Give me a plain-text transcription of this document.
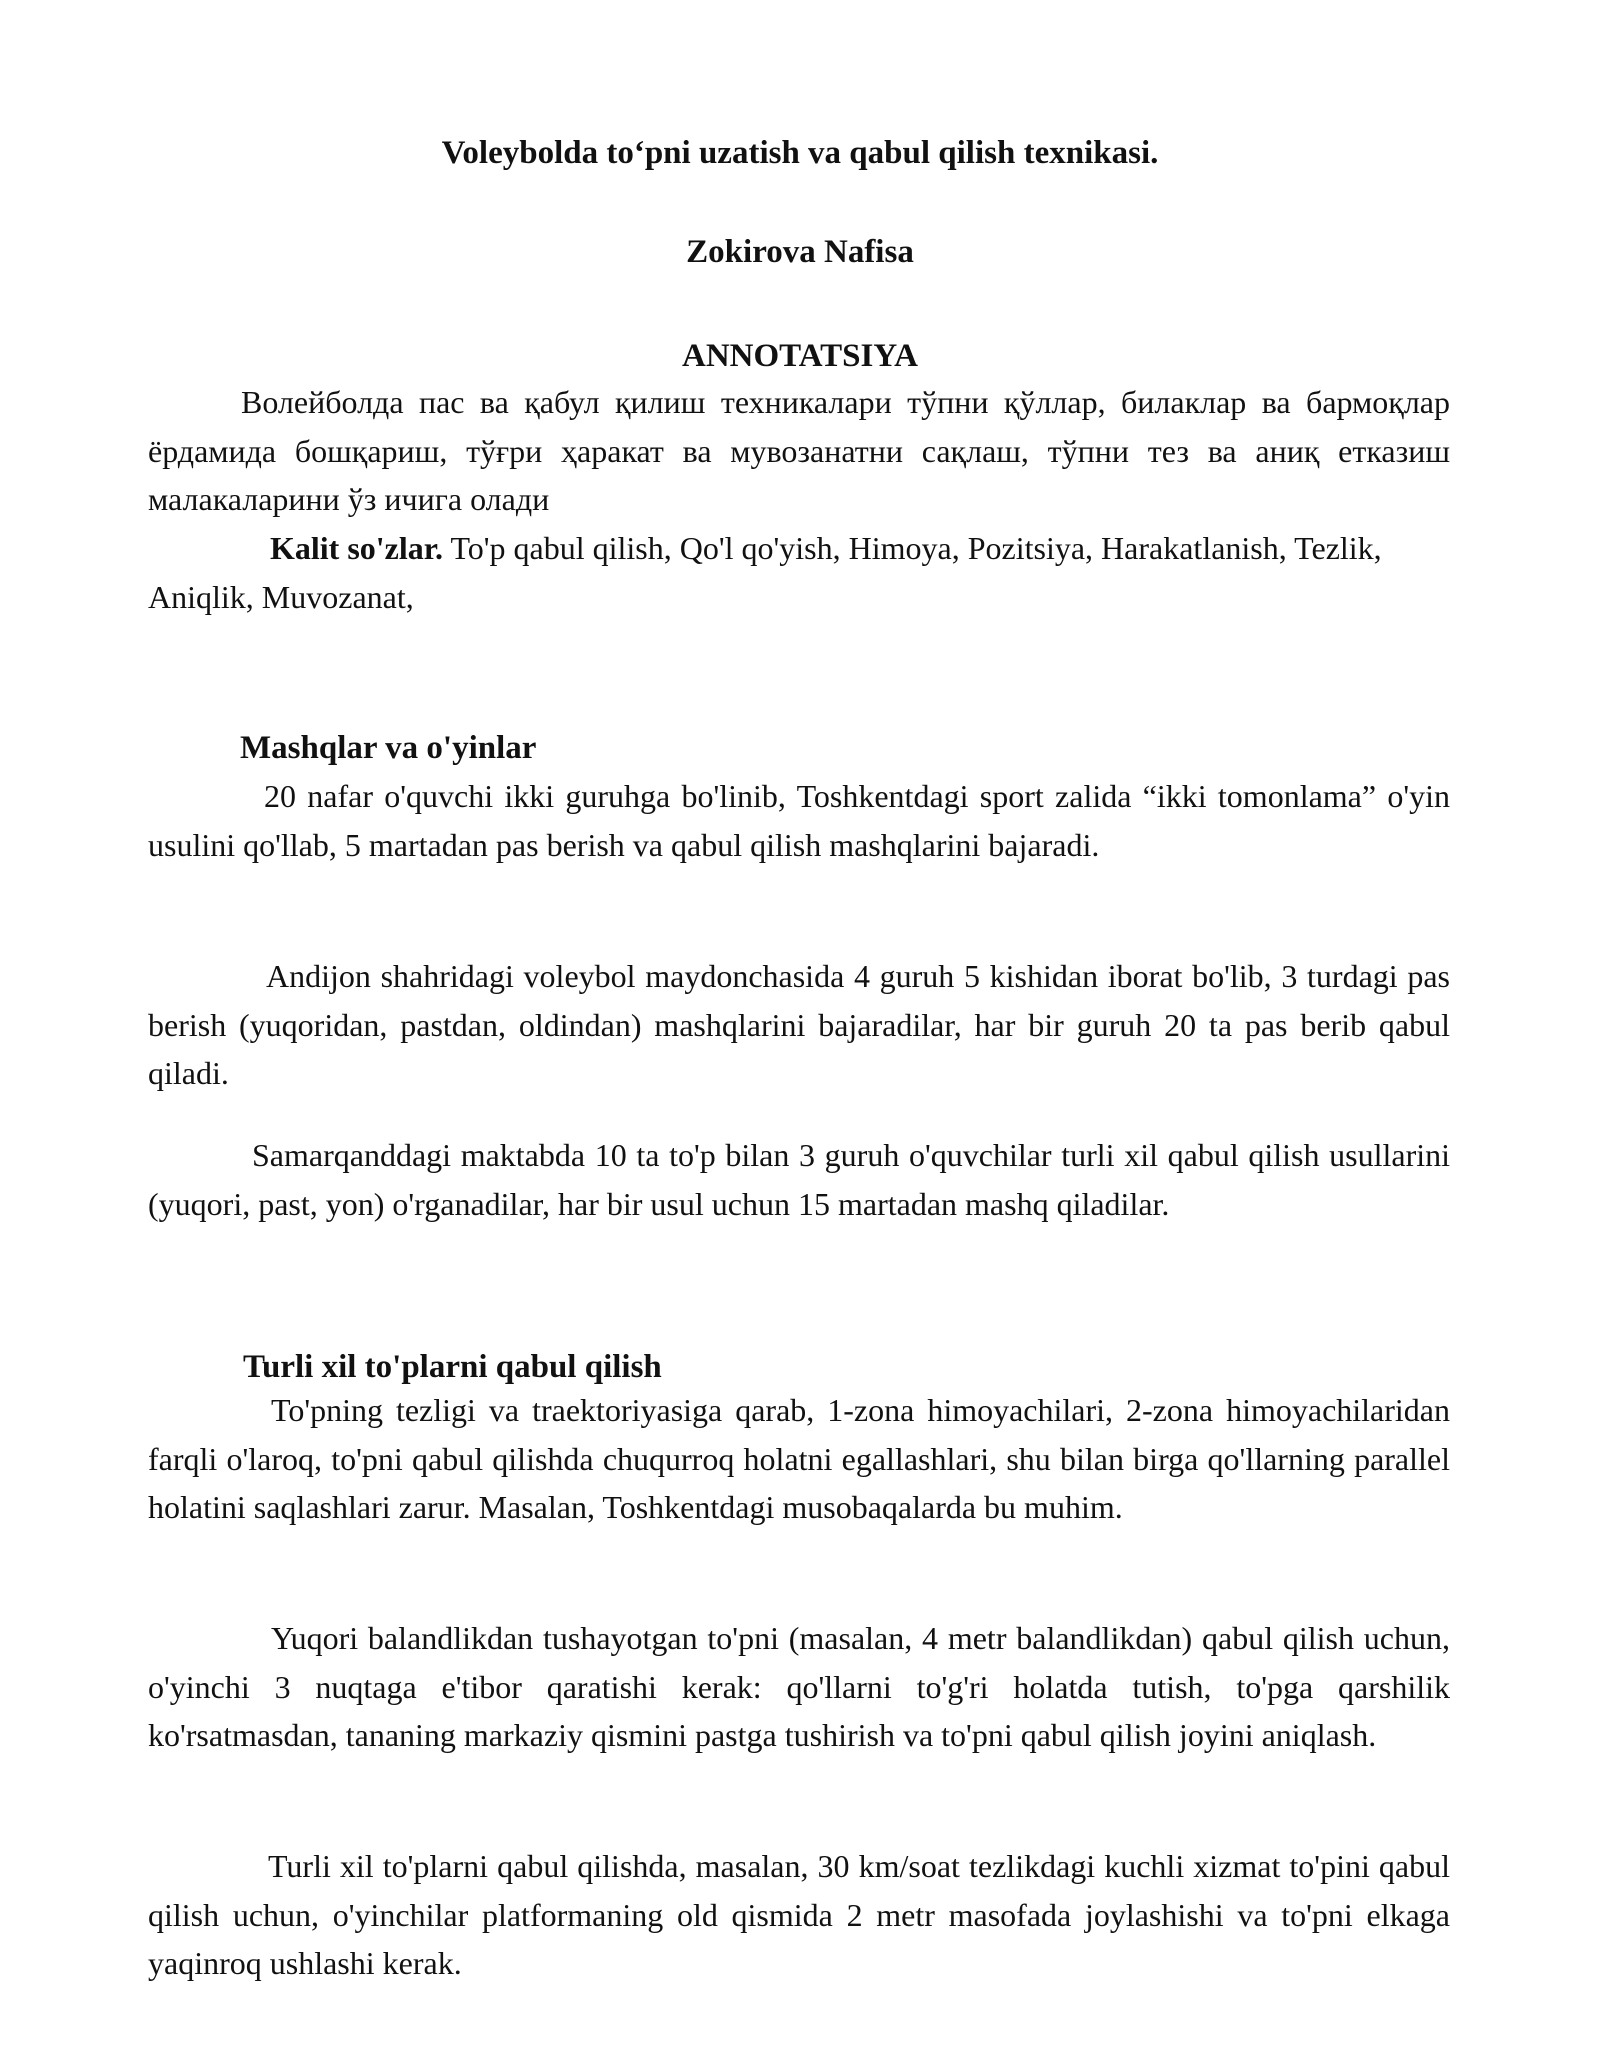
Voleybolda to‘pni uzatish va qabul qilish texnikasi.
Zokirova Nafisa
ANNOTATSIYA

Волейболда пас ва қабул қилиш техникалари тўпни қўллар, билаклар ва бармоқлар ёрдамида бошқариш, тўғри ҳаракат ва мувозанатни сақлаш, тўпни тез ва аниқ етказиш малакаларини ўз ичига олади

Kalit so'zlar. To'p qabul qilish, Qo'l qo'yish, Himoya, Pozitsiya, Harakatlanish, Tezlik, Aniqlik, Muvozanat,

Mashqlar va o'yinlar

20 nafar o'quvchi ikki guruhga bo'linib, Toshkentdagi sport zalida “ikki tomonlama” o'yin usulini qo'llab, 5 martadan pas berish va qabul qilish mashqlarini bajaradi.

Andijon shahridagi voleybol maydonchasida 4 guruh 5 kishidan iborat bo'lib, 3 turdagi pas berish (yuqoridan, pastdan, oldindan) mashqlarini bajaradilar, har bir guruh 20 ta pas berib qabul qiladi.

Samarqanddagi maktabda 10 ta to'p bilan 3 guruh o'quvchilar turli xil qabul qilish usullarini (yuqori, past, yon) o'rganadilar, har bir usul uchun 15 martadan mashq qiladilar.

Turli xil to'plarni qabul qilish

To'pning tezligi va traektoriyasiga qarab, 1-zona himoyachilari, 2-zona himoyachilaridan farqli o'laroq, to'pni qabul qilishda chuqurroq holatni egallashlari, shu bilan birga qo'llarning parallel holatini saqlashlari zarur. Masalan, Toshkentdagi musobaqalarda bu muhim.

Yuqori balandlikdan tushayotgan to'pni (masalan, 4 metr balandlikdan) qabul qilish uchun, o'yinchi 3 nuqtaga e'tibor qaratishi kerak: qo'llarni to'g'ri holatda tutish, to'pga qarshilik ko'rsatmasdan, tananing markaziy qismini pastga tushirish va to'pni qabul qilish joyini aniqlash.

Turli xil to'plarni qabul qilishda, masalan, 30 km/soat tezlikdagi kuchli xizmat to'pini qabul qilish uchun, o'yinchilar platformaning old qismida 2 metr masofada joylashishi va to'pni elkaga yaqinroq ushlashi kerak.
